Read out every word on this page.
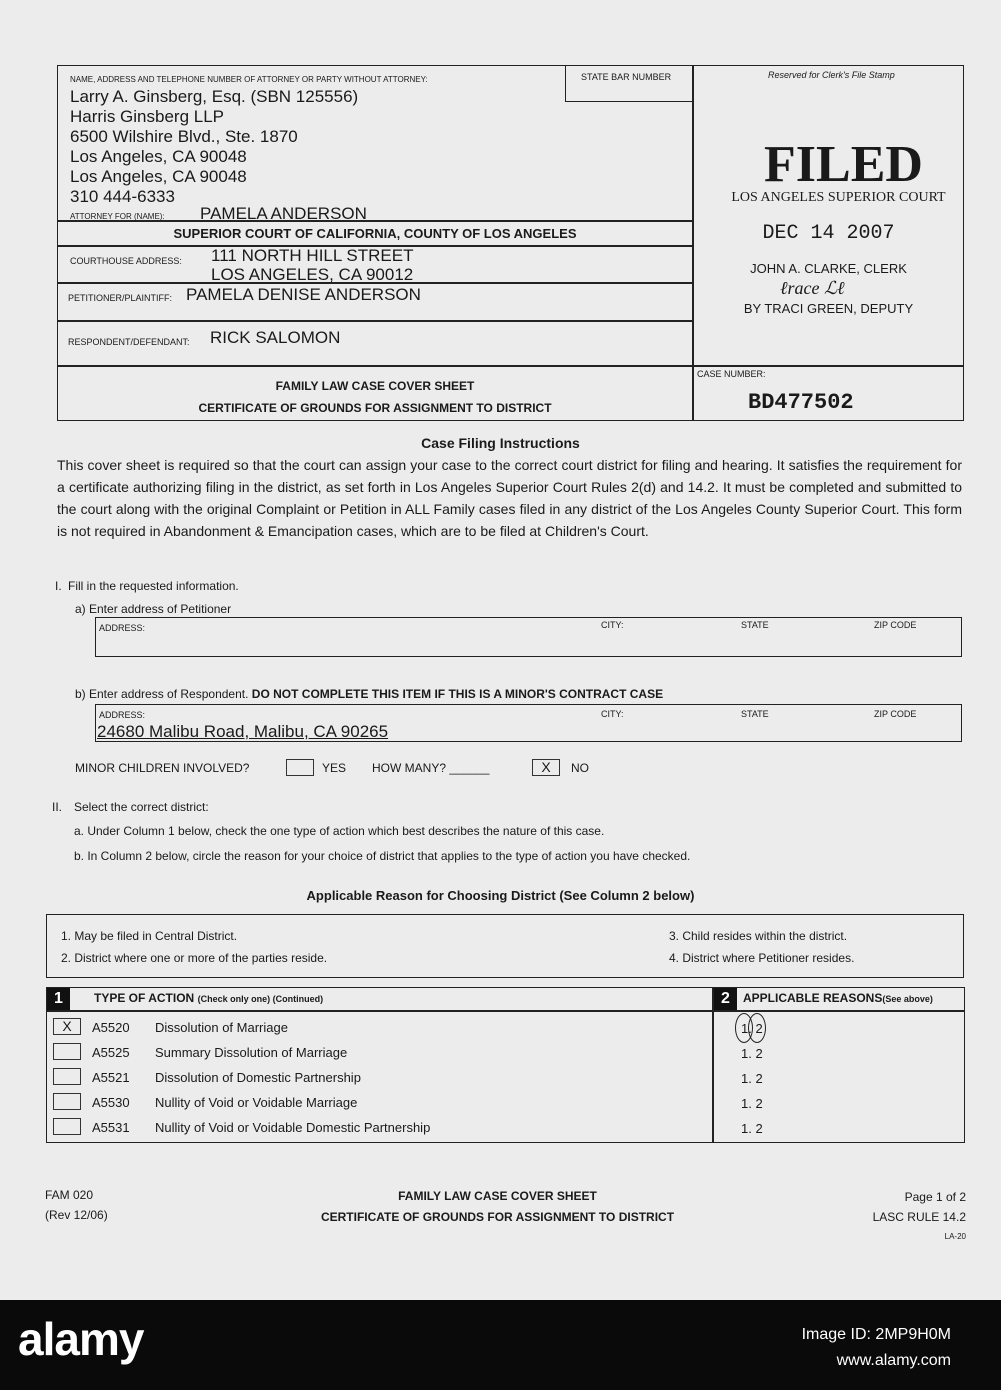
NAME, ADDRESS AND TELEPHONE NUMBER OF ATTORNEY OR PARTY WITHOUT ATTORNEY:	STATE BAR NUMBER	Reserved for Clerk's File Stamp
Larry A. Ginsberg, Esq. (SBN 125556)
Harris Ginsberg LLP
6500 Wilshire Blvd., Ste. 1870
Los Angeles, CA 90048
Los Angeles, CA 90048
310 444-6333
ATTORNEY FOR (NAME): PAMELA ANDERSON
SUPERIOR COURT OF CALIFORNIA, COUNTY OF LOS ANGELES
COURTHOUSE ADDRESS: 111 NORTH HILL STREET
LOS ANGELES, CA 90012
PETITIONER/PLAINTIFF: PAMELA DENISE ANDERSON
RESPONDENT/DEFENDANT: RICK SALOMON
FAMILY LAW CASE COVER SHEET
CERTIFICATE OF GROUNDS FOR ASSIGNMENT TO DISTRICT
CASE NUMBER:
BD477502
FILED
LOS ANGELES SUPERIOR COURT
DEC 14 2007
JOHN A. CLARKE, CLERK
ℓrace ℒℓ
BY TRACI GREEN, DEPUTY
Case Filing Instructions
This cover sheet is required so that the court can assign your case to the correct court district for filing and hearing. It satisfies the requirement for a certificate authorizing filing in the district, as set forth in Los Angeles Superior Court Rules 2(d) and 14.2. It must be completed and submitted to the court along with the original Complaint or Petition in ALL Family cases filed in any district of the Los Angeles County Superior Court. This form is not required in Abandonment & Emancipation cases, which are to be filed at Children's Court.
I. Fill in the requested information.
a) Enter address of Petitioner
ADDRESS:	CITY:	STATE	ZIP CODE
b) Enter address of Respondent. DO NOT COMPLETE THIS ITEM IF THIS IS A MINOR'S CONTRACT CASE
ADDRESS:	CITY:	STATE	ZIP CODE
24680 Malibu Road, Malibu, CA 90265
MINOR CHILDREN INVOLVED?	YES HOW MANY? ______	X	NO
II. Select the correct district:
a. Under Column 1 below, check the one type of action which best describes the nature of this case.
b. In Column 2 below, circle the reason for your choice of district that applies to the type of action you have checked.
Applicable Reason for Choosing District (See Column 2 below)
1. May be filed in Central District.
2. District where one or more of the parties reside.
3. Child resides within the district.
4. District where Petitioner resides.
1	TYPE OF ACTION (Check only one) (Continued)	2	APPLICABLE REASONS(See above)
X	A5520 Dissolution of Marriage	1. 2
A5525 Summary Dissolution of Marriage	1. 2
A5521 Dissolution of Domestic Partnership	1. 2
A5530 Nullity of Void or Voidable Marriage	1. 2
A5531 Nullity of Void or Voidable Domestic Partnership	1. 2
FAM 020
(Rev 12/06)
FAMILY LAW CASE COVER SHEET
CERTIFICATE OF GROUNDS FOR ASSIGNMENT TO DISTRICT
Page 1 of 2
LASC RULE 14.2
LA-20
alamy	Image ID: 2MP9H0M
www.alamy.com
